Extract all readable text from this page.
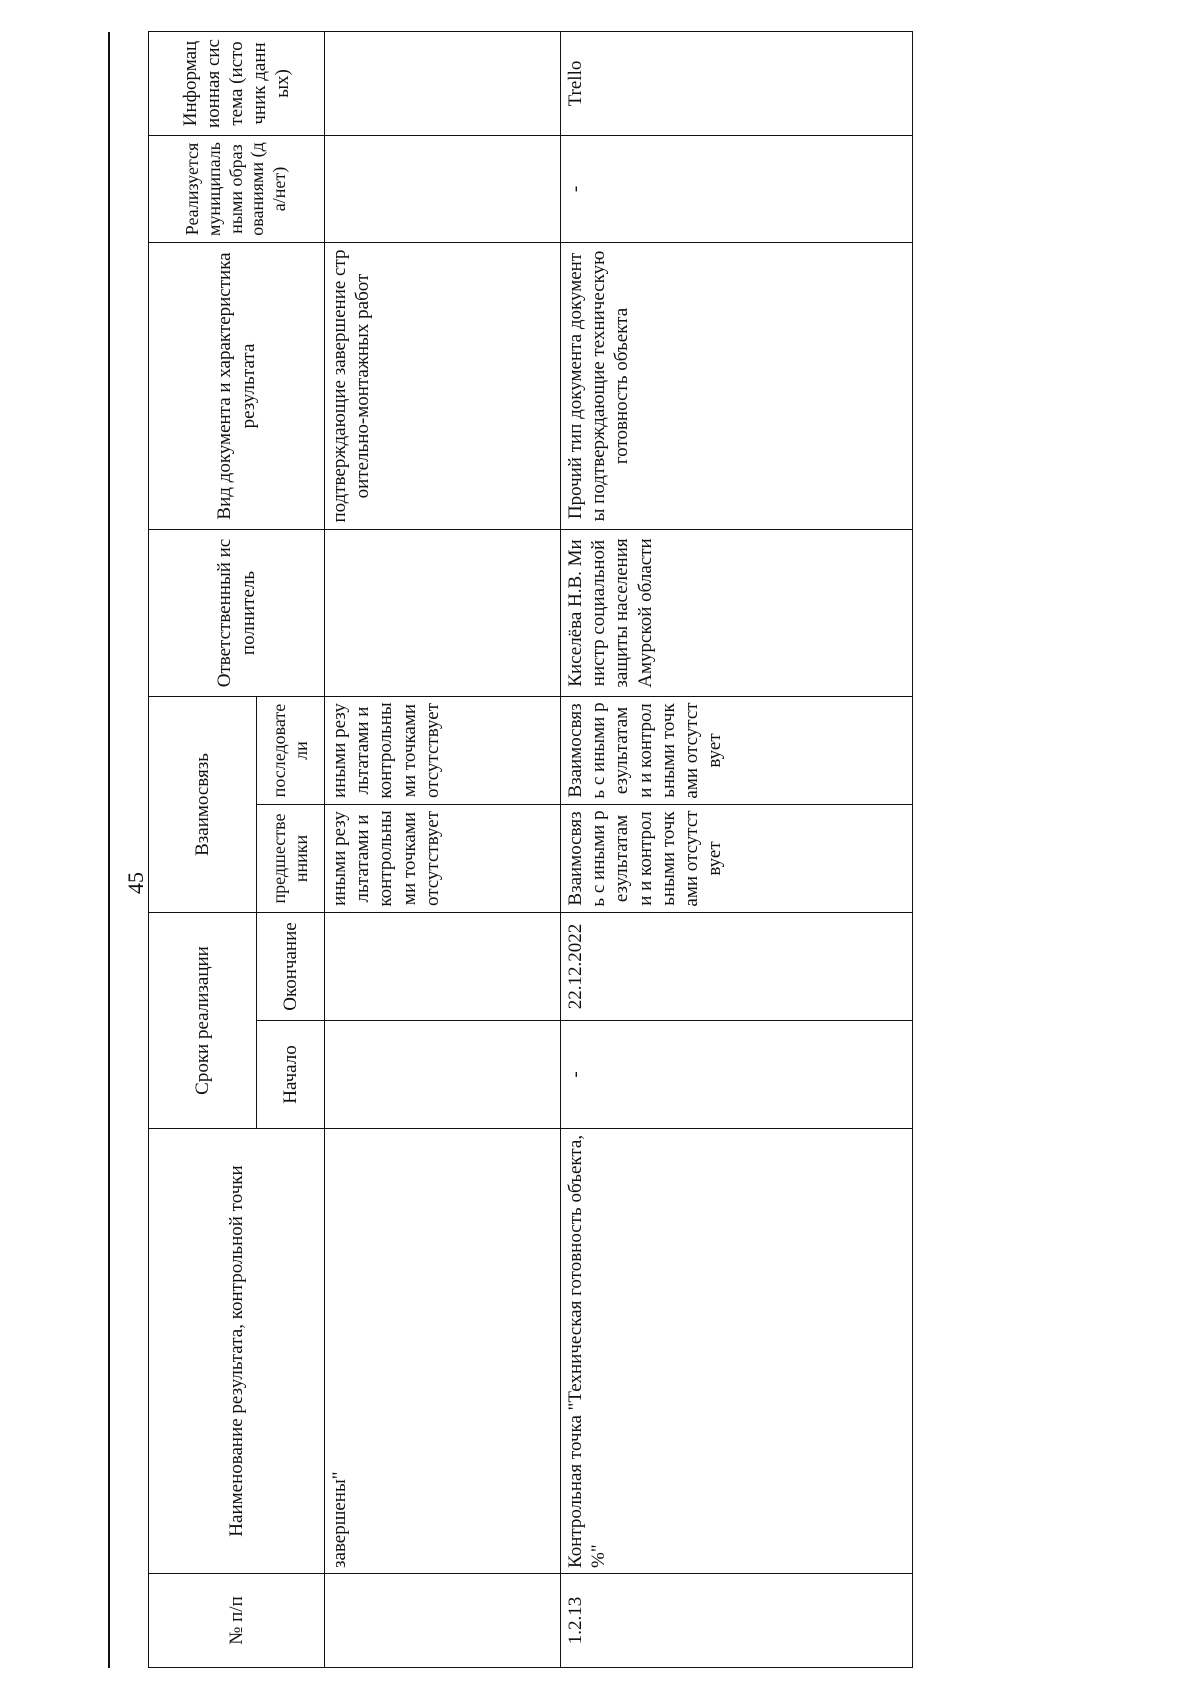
45
№ п/п	Наименование результата, контрольной точки	Сроки реализации		Взаимосвязь		Ответственный исполнитель	Вид документа и характеристика результата	Реализуется муниципальными образованиями (да/нет)	Информационная система (источник данных)
		Начало	Окончание	предшественники	последователи				
	завершены"			иными результатами и контрольными точками отсутствует	иными результатами и контрольными точками отсутствует		подтверждающие завершение строительно-монтажных работ		
1.2.13	Контрольная точка "Техническая готовность объекта, %"	-	22.12.2022	Взаимосвязь с иными результатами и контрольными точками отсутствует	Взаимосвязь с иными результатами и контрольными точками отсутствует	Киселёва Н.В. Министр социальной защиты населения Амурской области	Прочий тип документа документы подтверждающие техническую готовность объекта	-	Trello
